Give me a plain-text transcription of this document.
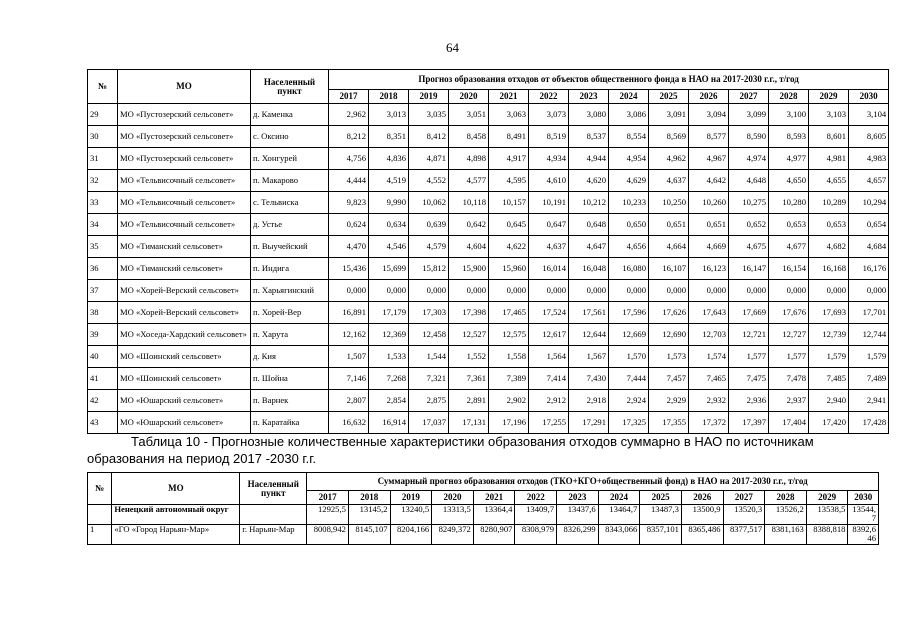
64
№	МО	Населенный пункт	Прогноз образования отходов от объектов общественного фонда в НАО на 2017-2030 г.г., т/год													
			2017	2018	2019	2020	2021	2022	2023	2024	2025	2026	2027	2028	2029	2030
29	МО «Пустозерский сельсовет»	д. Каменка	2,962	3,013	3,035	3,051	3,063	3,073	3,080	3,086	3,091	3,094	3,099	3,100	3,103	3,104
30	МО «Пустозерский сельсовет»	с. Оксино	8,212	8,351	8,412	8,458	8,491	8,519	8,537	8,554	8,569	8,577	8,590	8,593	8,601	8,605
31	МО «Пустозерский сельсовет»	п. Хонгурей	4,756	4,836	4,871	4,898	4,917	4,934	4,944	4,954	4,962	4,967	4,974	4,977	4,981	4,983
32	МО «Тельвисочный сельсовет»	п. Макарово	4,444	4,519	4,552	4,577	4,595	4,610	4,620	4,629	4,637	4,642	4,648	4,650	4,655	4,657
33	МО «Тельвисочный сельсовет»	с. Тельвиска	9,823	9,990	10,062	10,118	10,157	10,191	10,212	10,233	10,250	10,260	10,275	10,280	10,289	10,294
34	МО «Тельвисочный сельсовет»	д. Устье	0,624	0,634	0,639	0,642	0,645	0,647	0,648	0,650	0,651	0,651	0,652	0,653	0,653	0,654
35	МО «Тиманский сельсовет»	п. Выучейский	4,470	4,546	4,579	4,604	4,622	4,637	4,647	4,656	4,664	4,669	4,675	4,677	4,682	4,684
36	МО «Тиманский сельсовет»	п. Индига	15,436	15,699	15,812	15,900	15,960	16,014	16,048	16,080	16,107	16,123	16,147	16,154	16,168	16,176
37	МО «Хорей-Верский сельсовет»	п. Харьягинский	0,000	0,000	0,000	0,000	0,000	0,000	0,000	0,000	0,000	0,000	0,000	0,000	0,000	0,000
38	МО «Хорей-Верский сельсовет»	п. Хорей-Вер	16,891	17,179	17,303	17,398	17,465	17,524	17,561	17,596	17,626	17,643	17,669	17,676	17,693	17,701
39	МО «Хоседа-Хардский сельсовет»	п. Харута	12,162	12,369	12,458	12,527	12,575	12,617	12,644	12,669	12,690	12,703	12,721	12,727	12,739	12,744
40	МО «Шоинский сельсовет»	д. Кия	1,507	1,533	1,544	1,552	1,558	1,564	1,567	1,570	1,573	1,574	1,577	1,577	1,579	1,579
41	МО «Шоинский сельсовет»	п. Шойна	7,146	7,268	7,321	7,361	7,389	7,414	7,430	7,444	7,457	7,465	7,475	7,478	7,485	7,489
42	МО «Юшарский сельсовет»	п. Варнек	2,807	2,854	2,875	2,891	2,902	2,912	2,918	2,924	2,929	2,932	2,936	2,937	2,940	2,941
43	МО «Юшарский сельсовет»	п. Каратайка	16,632	16,914	17,037	17,131	17,196	17,255	17,291	17,325	17,355	17,372	17,397	17,404	17,420	17,428
Таблица 10 - Прогнозные количественные характеристики образования отходов суммарно в НАО по источникам
образования на период 2017 -2030 г.г.
№	МО	Населенный пункт	Суммарный прогноз образования отходов (ТКО+КГО+общественный фонд) в НАО на 2017-2030 г.г., т/год													
			2017	2018	2019	2020	2021	2022	2023	2024	2025	2026	2027	2028	2029	2030
	Ненецкий автономный округ		12925,5	13145,2	13240,5	13313,5	13364,4	13409,7	13437,6	13464,7	13487,3	13500,9	13520,3	13526,2	13538,5	13544,7
1	«ГО «Город Нарьян-Мар»	г. Нарьян-Мар	8008,942	8145,107	8204,166	8249,372	8280,907	8308,979	8326,299	8343,066	8357,101	8365,486	8377,517	8381,163	8388,818	8392,646
